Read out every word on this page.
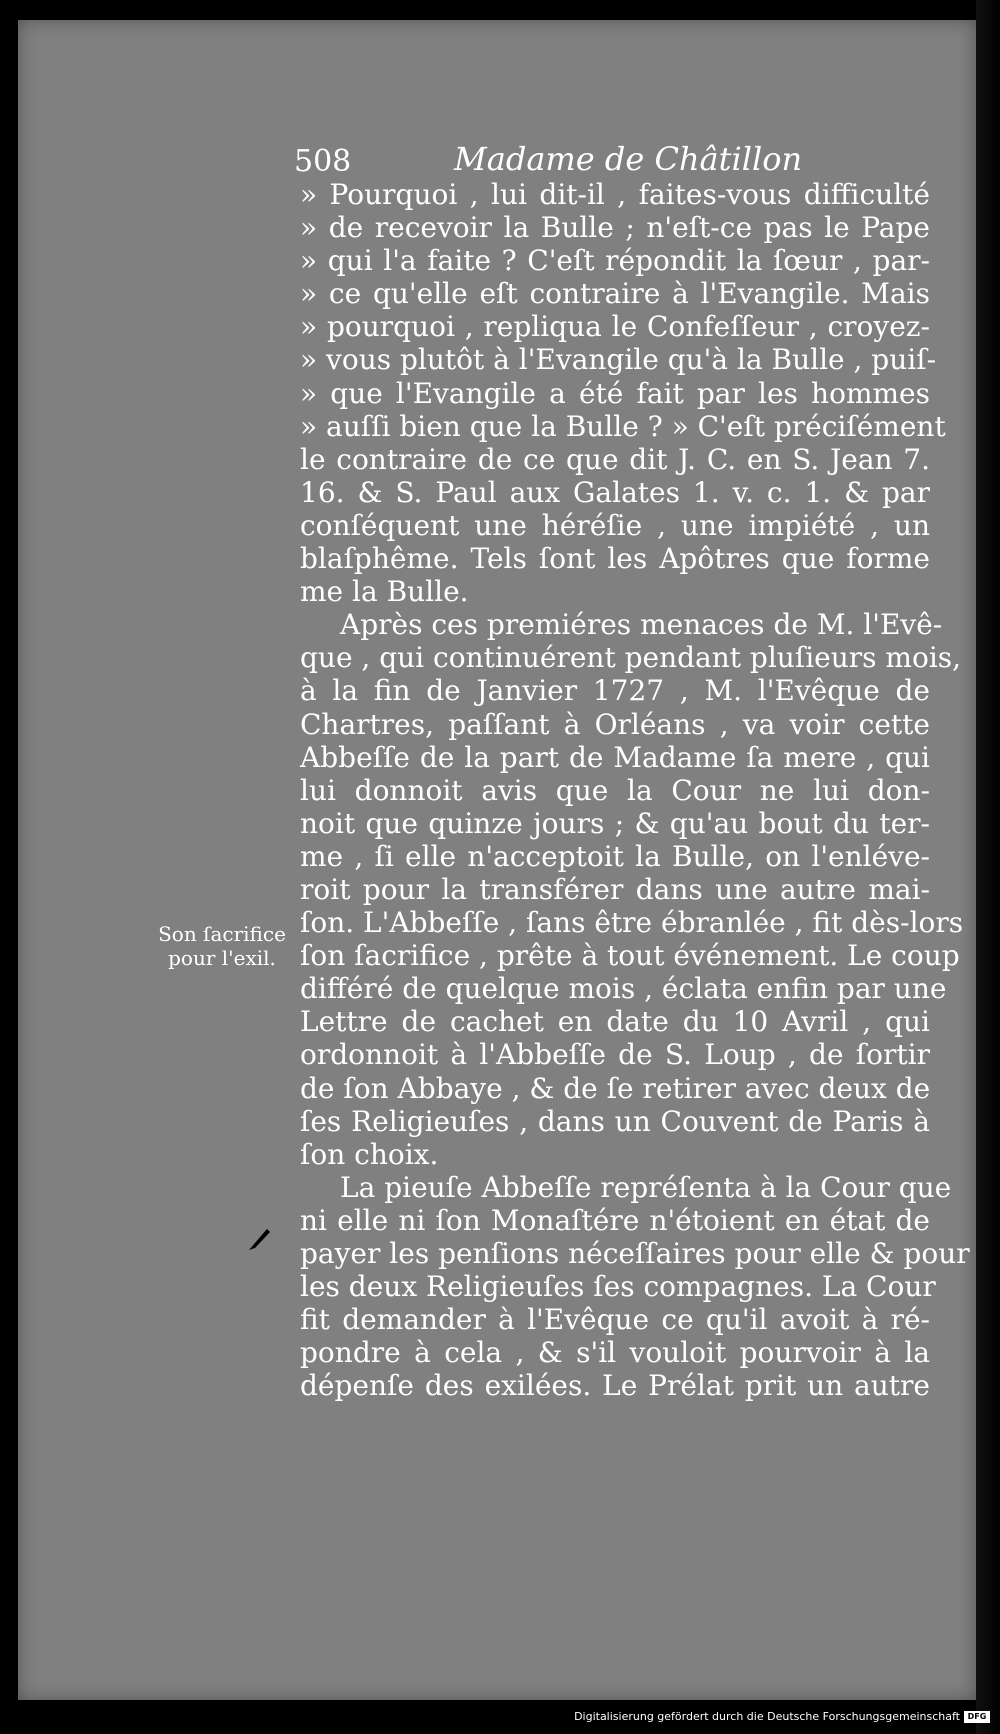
508	Madame de Châtillon
» Pourquoi , lui dit-il , faites-vous difficulté
» de recevoir la Bulle ; n'eſt-ce pas le Pape
» qui l'a faite ? C'eſt répondit la ſœur , par-
» ce qu'elle eſt contraire à l'Evangile. Mais
» pourquoi , repliqua le Confeſſeur , croyez-
» vous plutôt à l'Evangile qu'à la Bulle , puiſ-
» que l'Evangile a été fait par les hommes
» auſſi bien que la Bulle ? » C'eſt préciſément
le contraire de ce que dit J. C. en S. Jean 7.
16. & S. Paul aux Galates 1. v. c. 1. & par
conſéquent une héréſie , une impiété , un
blaſphême. Tels ſont les Apôtres que forme
me la Bulle.
Après ces premiéres menaces de M. l'Evê-
que , qui continuérent pendant pluſieurs mois,
à la fin de Janvier 1727 , M. l'Evêque de
Chartres, paſſant à Orléans , va voir cette
Abbeſſe de la part de Madame ſa mere , qui
lui donnoit avis que la Cour ne lui don-
noit que quinze jours ; & qu'au bout du ter-
me , ſi elle n'acceptoit la Bulle, on l'enléve-
roit pour la transférer dans une autre mai-
ſon. L'Abbeſſe , ſans être ébranlée , fit dès-lors
ſon ſacrifice , prête à tout événement. Le coup
différé de quelque mois , éclata enfin par une
Lettre de cachet en date du 10 Avril , qui
ordonnoit à l'Abbeſſe de S. Loup , de ſortir
de ſon Abbaye , & de ſe retirer avec deux de
ſes Religieuſes , dans un Couvent de Paris à
ſon choix.
La pieuſe Abbeſſe repréſenta à la Cour que
ni elle ni ſon Monaſtére n'étoient en état de
payer les penſions néceſſaires pour elle & pour
les deux Religieuſes ſes compagnes. La Cour
fit demander à l'Evêque ce qu'il avoit à ré-
pondre à cela , & s'il vouloit pourvoir à la
dépenſe des exilées. Le Prélat prit un autre
Son ſacrifice
pour l'exil.
Digitalisierung gefördert durch die Deutsche Forschungsgemeinschaft DFG
